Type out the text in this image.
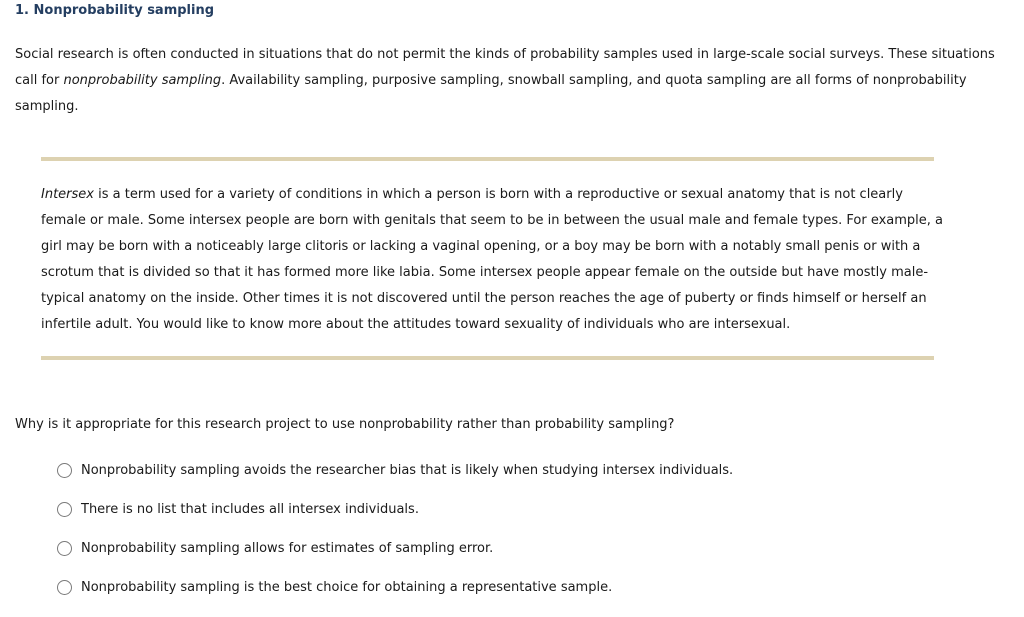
1. Nonprobability sampling

Social research is often conducted in situations that do not permit the kinds of probability samples used in large-scale social surveys. These situations call for nonprobability sampling. Availability sampling, purposive sampling, snowball sampling, and quota sampling are all forms of nonprobability sampling.

Intersex is a term used for a variety of conditions in which a person is born with a reproductive or sexual anatomy that is not clearly female or male. Some intersex people are born with genitals that seem to be in between the usual male and female types. For example, a girl may be born with a noticeably large clitoris or lacking a vaginal opening, or a boy may be born with a notably small penis or with a scrotum that is divided so that it has formed more like labia. Some intersex people appear female on the outside but have mostly male-typical anatomy on the inside. Other times it is not discovered until the person reaches the age of puberty or finds himself or herself an infertile adult. You would like to know more about the attitudes toward sexuality of individuals who are intersexual.

Why is it appropriate for this research project to use nonprobability rather than probability sampling?

Nonprobability sampling avoids the researcher bias that is likely when studying intersex individuals.
There is no list that includes all intersex individuals.
Nonprobability sampling allows for estimates of sampling error.
Nonprobability sampling is the best choice for obtaining a representative sample.
